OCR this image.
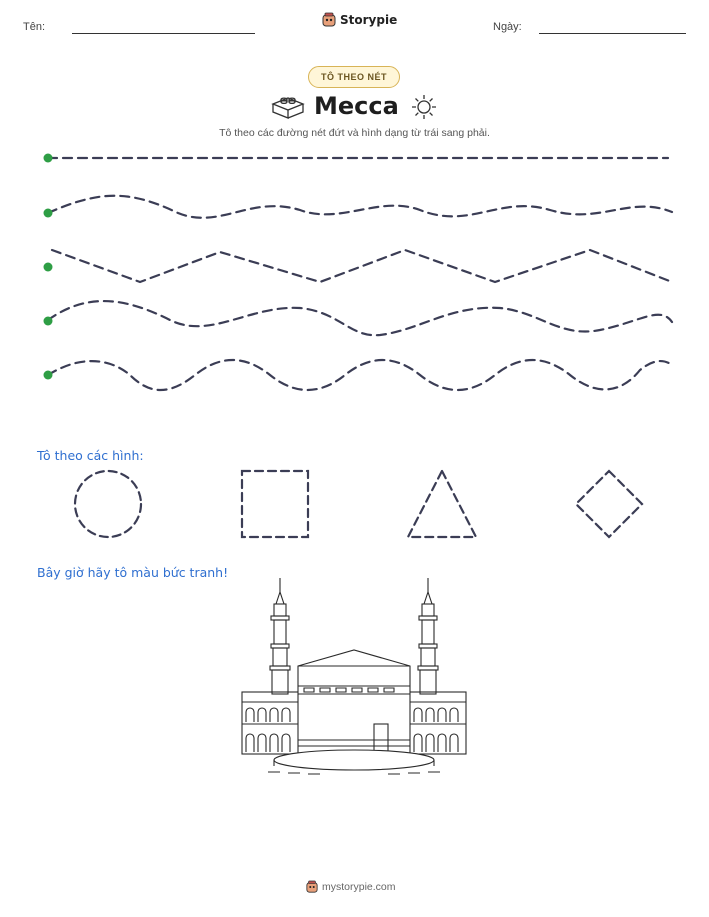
Tên:	Storypie	Ngày:
TÔ THEO NÉT
Mecca
Tô theo các đường nét đứt và hình dạng từ trái sang phải.
Tô theo các hình:
Bây giờ hãy tô màu bức tranh!
mystorypie.com
